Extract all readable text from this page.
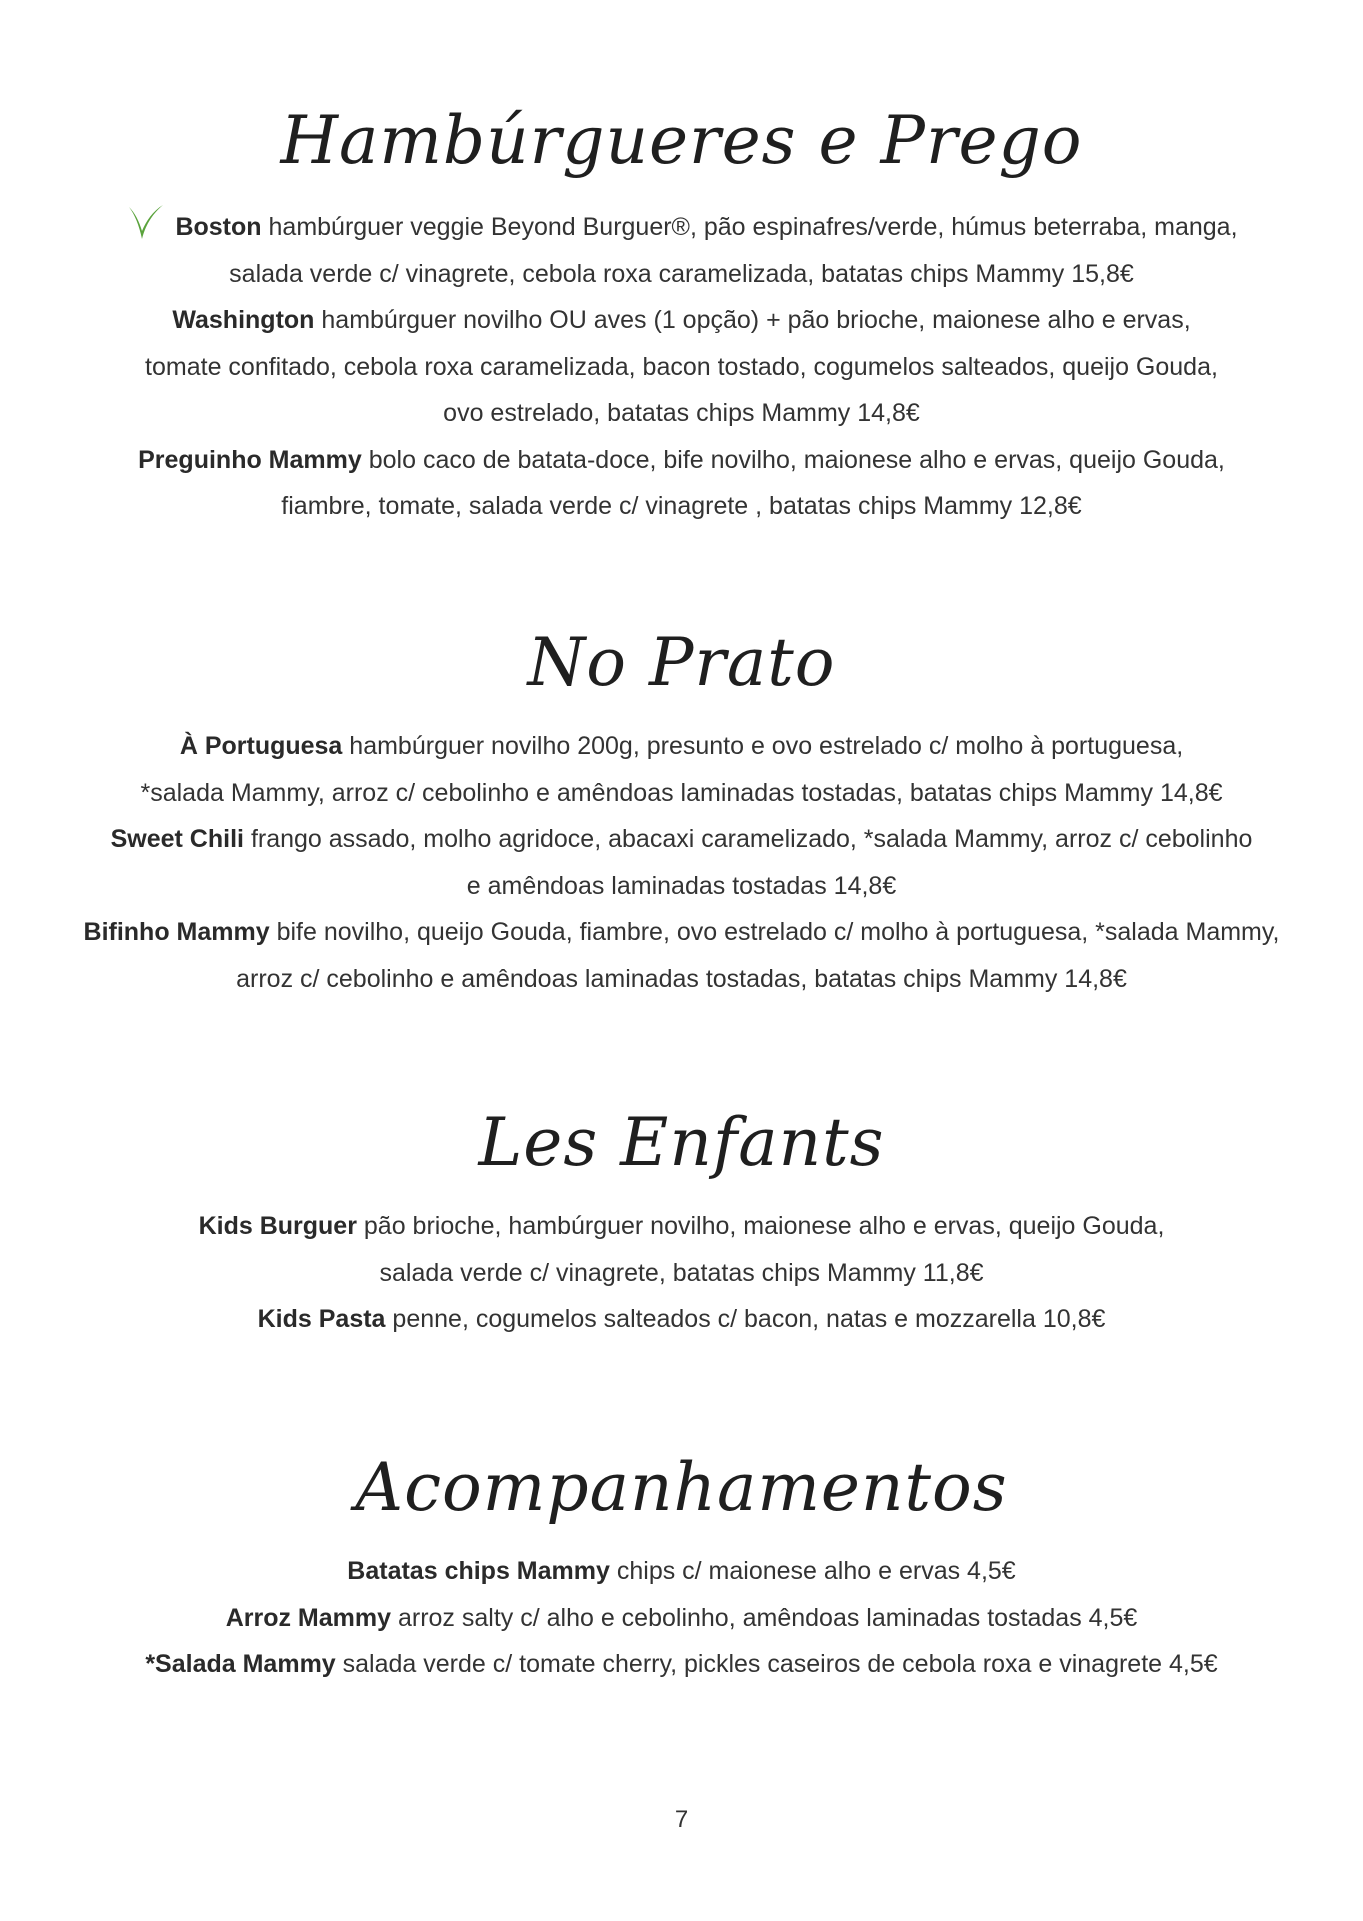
Hambúrgueres e Prego

Boston hambúrguer veggie Beyond Burguer®, pão espinafres/verde, húmus beterraba, manga,
salada verde c/ vinagrete, cebola roxa caramelizada, batatas chips Mammy 15,8€

Washington hambúrguer novilho OU aves (1 opção) + pão brioche, maionese alho e ervas,
tomate confitado, cebola roxa caramelizada, bacon tostado, cogumelos salteados, queijo Gouda,
ovo estrelado, batatas chips Mammy 14,8€

Preguinho Mammy bolo caco de batata-doce, bife novilho, maionese alho e ervas, queijo Gouda,
fiambre, tomate, salada verde c/ vinagrete , batatas chips Mammy 12,8€

No Prato

À Portuguesa hambúrguer novilho 200g, presunto e ovo estrelado c/ molho à portuguesa,
*salada Mammy, arroz c/ cebolinho e amêndoas laminadas tostadas, batatas chips Mammy 14,8€

Sweet Chili frango assado, molho agridoce, abacaxi caramelizado, *salada Mammy, arroz c/ cebolinho
e amêndoas laminadas tostadas 14,8€

Bifinho Mammy bife novilho, queijo Gouda, fiambre, ovo estrelado c/ molho à portuguesa, *salada Mammy,
arroz c/ cebolinho e amêndoas laminadas tostadas, batatas chips Mammy 14,8€

Les Enfants

Kids Burguer pão brioche, hambúrguer novilho, maionese alho e ervas, queijo Gouda,
salada verde c/ vinagrete, batatas chips Mammy 11,8€

Kids Pasta penne, cogumelos salteados c/ bacon, natas e mozzarella 10,8€

Acompanhamentos

Batatas chips Mammy chips c/ maionese alho e ervas 4,5€

Arroz Mammy arroz salty c/ alho e cebolinho, amêndoas laminadas tostadas 4,5€

*Salada Mammy salada verde c/ tomate cherry, pickles caseiros de cebola roxa e vinagrete 4,5€

7
